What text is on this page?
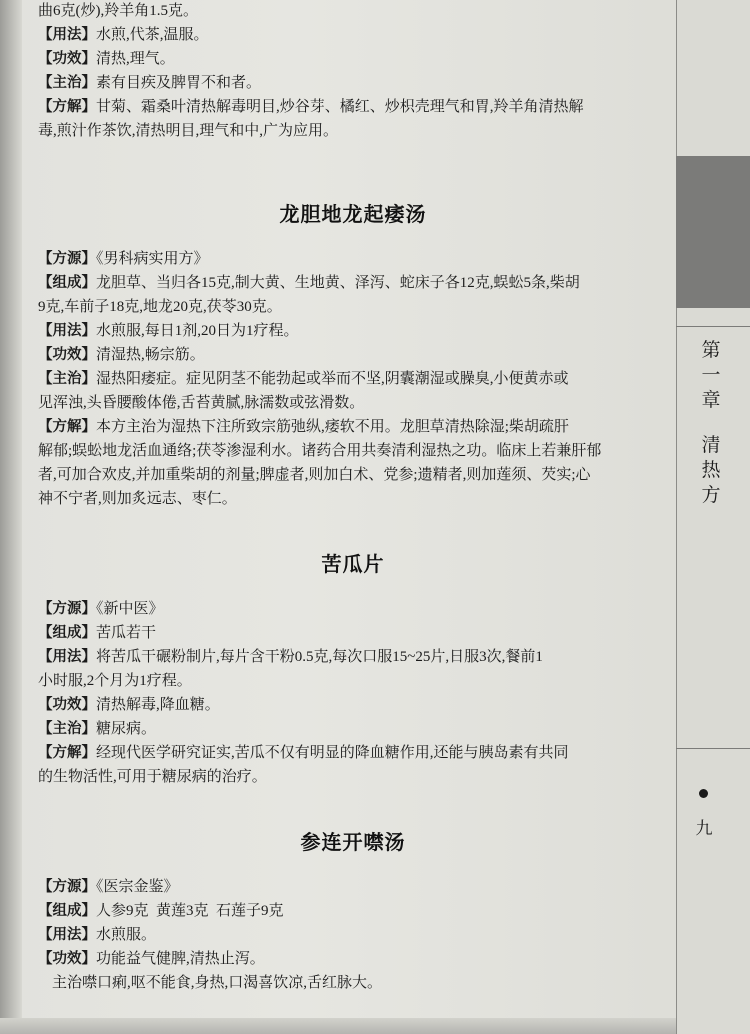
第
一
章
清
热
方
九
曲6克(炒),羚羊角1.5克。
【用法】水煎,代茶,温服。
【功效】清热,理气。
【主治】素有目疾及脾胃不和者。
【方解】甘菊、霜桑叶清热解毒明目,炒谷芽、橘红、炒枳壳理气和胃,羚羊角清热解
毒,煎汁作茶饮,清热明目,理气和中,广为应用。
龙胆地龙起痿汤
【方源】《男科病实用方》
【组成】龙胆草、当归各15克,制大黄、生地黄、泽泻、蛇床子各12克,蜈蚣5条,柴胡
9克,车前子18克,地龙20克,茯苓30克。
【用法】水煎服,每日1剂,20日为1疗程。
【功效】清湿热,畅宗筋。
【主治】湿热阳痿症。症见阴茎不能勃起或举而不坚,阴囊潮湿或臊臭,小便黄赤或
见浑浊,头昏腰酸体倦,舌苔黄腻,脉濡数或弦滑数。
【方解】本方主治为湿热下注所致宗筋弛纵,痿软不用。龙胆草清热除湿;柴胡疏肝
解郁;蜈蚣地龙活血通络;茯苓渗湿利水。诸药合用共奏清利湿热之功。临床上若兼肝郁
者,可加合欢皮,并加重柴胡的剂量;脾虚者,则加白术、党参;遗精者,则加莲须、芡实;心
神不宁者,则加炙远志、枣仁。
苦瓜片
【方源】《新中医》
【组成】苦瓜若干
【用法】将苦瓜干碾粉制片,每片含干粉0.5克,每次口服15~25片,日服3次,餐前1
小时服,2个月为1疗程。
【功效】清热解毒,降血糖。
【主治】糖尿病。
【方解】经现代医学研究证实,苦瓜不仅有明显的降血糖作用,还能与胰岛素有共同
的生物活性,可用于糖尿病的治疗。
参连开噤汤
【方源】《医宗金鉴》
【组成】人参9克  黄莲3克  石莲子9克
【用法】水煎服。
【功效】功能益气健脾,清热止泻。
主治噤口痢,呕不能食,身热,口渴喜饮凉,舌红脉大。
